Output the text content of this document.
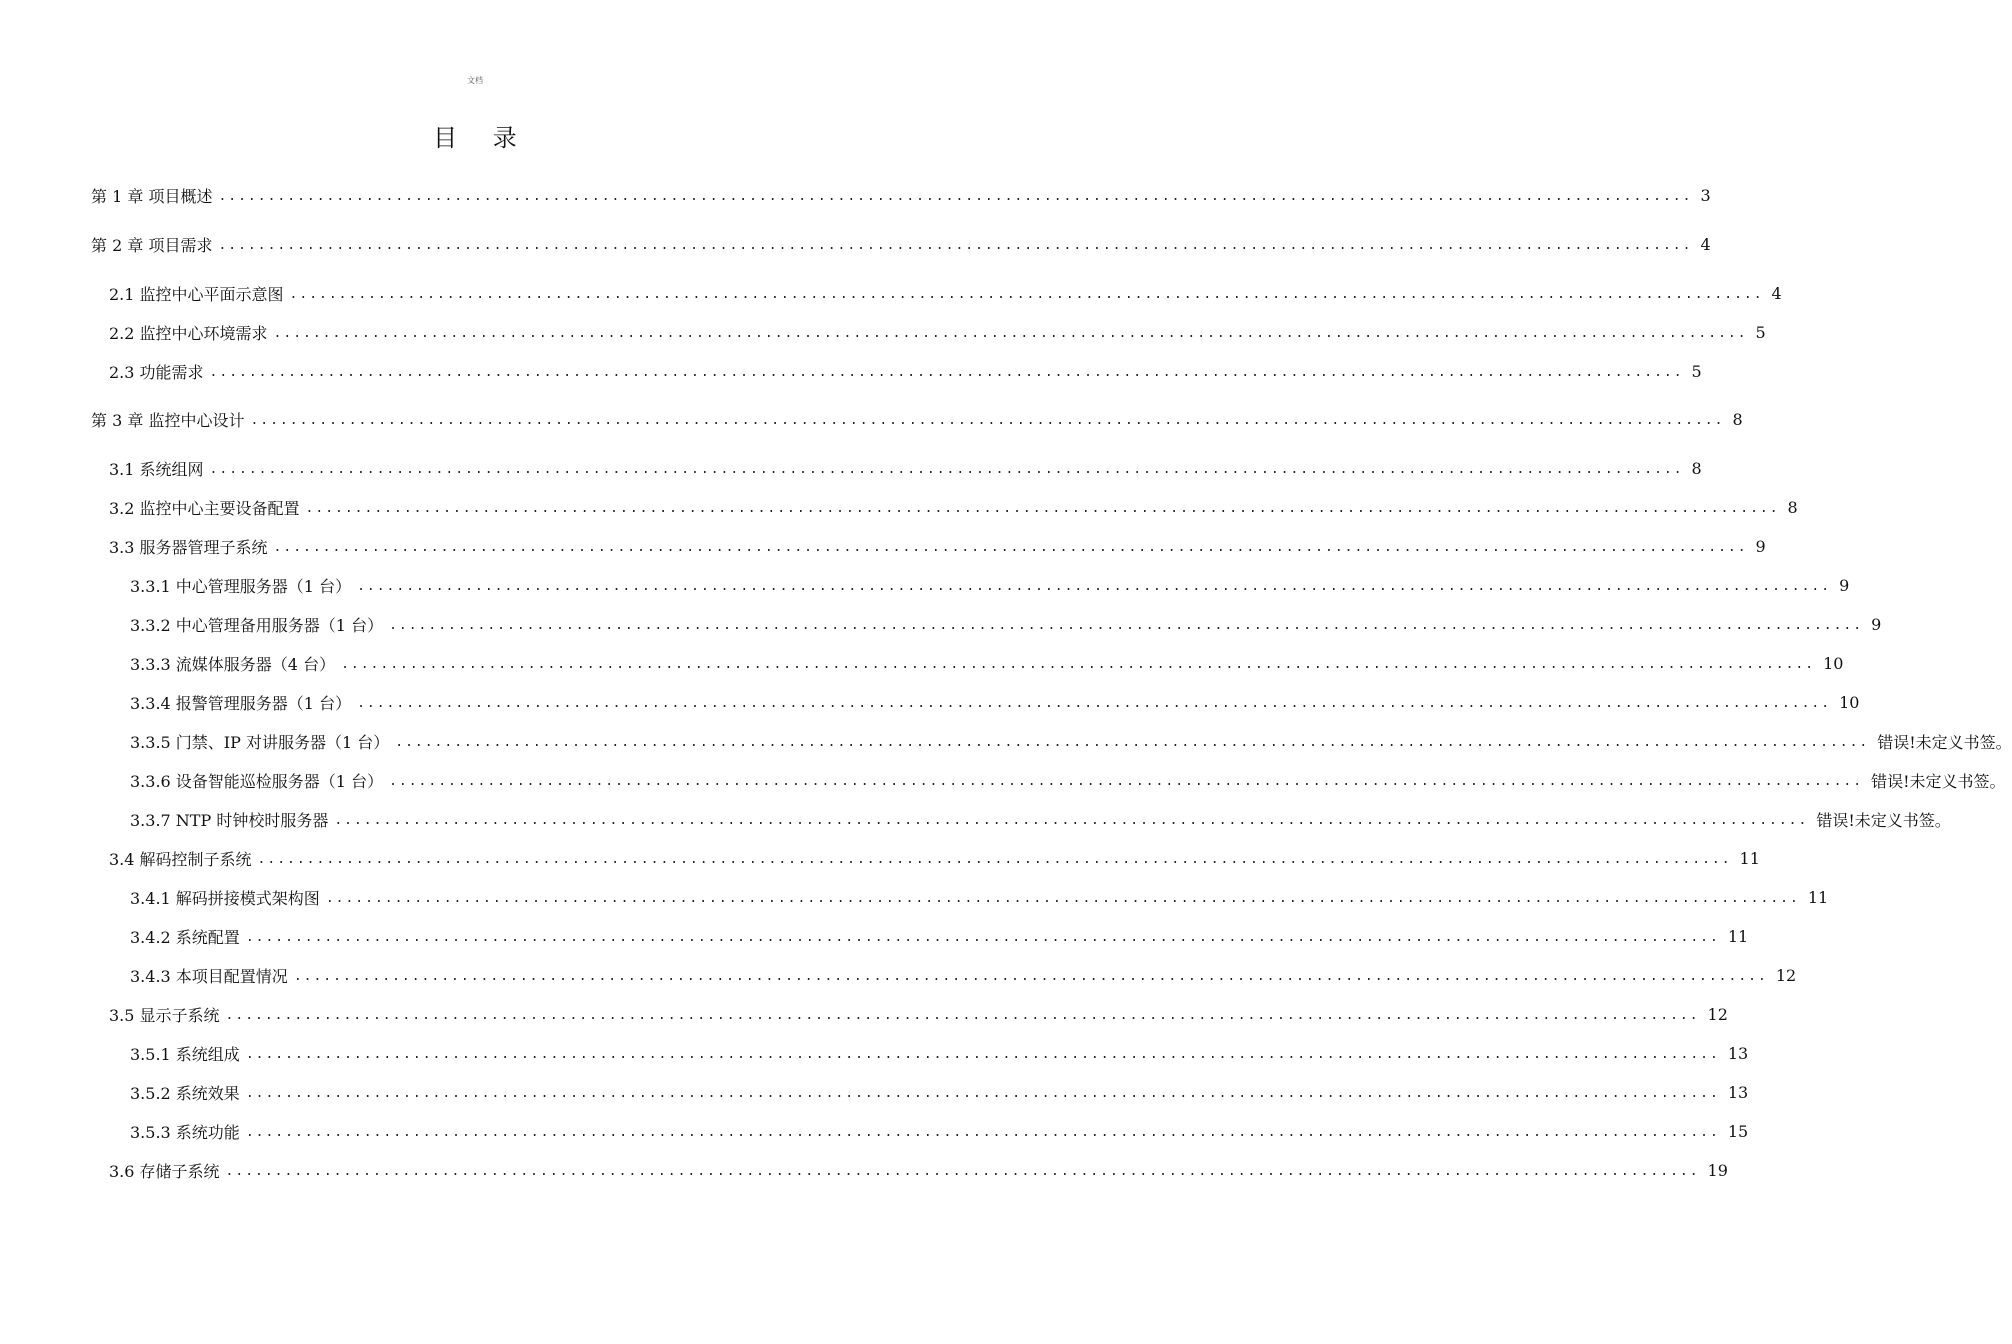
文档
目 录
第 1 章 项目概述 ...................................................................................................................................................... 3
第 2 章 项目需求 ...................................................................................................................................................... 4
2.1 监控中心平面示意图 ...................................................................................................................................................... 4
2.2 监控中心环境需求 ...................................................................................................................................................... 5
2.3 功能需求 ...................................................................................................................................................... 5
第 3 章 监控中心设计 ...................................................................................................................................................... 8
3.1 系统组网 ...................................................................................................................................................... 8
3.2 监控中心主要设备配置 ...................................................................................................................................................... 8
3.3 服务器管理子系统 ...................................................................................................................................................... 9
3.3.1 中心管理服务器（1 台） ...................................................................................................................................................... 9
3.3.2 中心管理备用服务器（1 台） ...................................................................................................................................................... 9
3.3.3 流媒体服务器（4 台） ...................................................................................................................................................... 10
3.3.4 报警管理服务器（1 台） ...................................................................................................................................................... 10
3.3.5 门禁、IP 对讲服务器（1 台） ...................................................................................................................................................... 错误!未定义书签。
3.3.6 设备智能巡检服务器（1 台） ...................................................................................................................................................... 错误!未定义书签。
3.3.7 NTP 时钟校时服务器 ...................................................................................................................................................... 错误!未定义书签。
3.4 解码控制子系统 ...................................................................................................................................................... 11
3.4.1 解码拼接模式架构图 ...................................................................................................................................................... 11
3.4.2 系统配置 ...................................................................................................................................................... 11
3.4.3 本项目配置情况 ...................................................................................................................................................... 12
3.5 显示子系统 ...................................................................................................................................................... 12
3.5.1 系统组成 ...................................................................................................................................................... 13
3.5.2 系统效果 ...................................................................................................................................................... 13
3.5.3 系统功能 ...................................................................................................................................................... 15
3.6 存储子系统 ...................................................................................................................................................... 19
